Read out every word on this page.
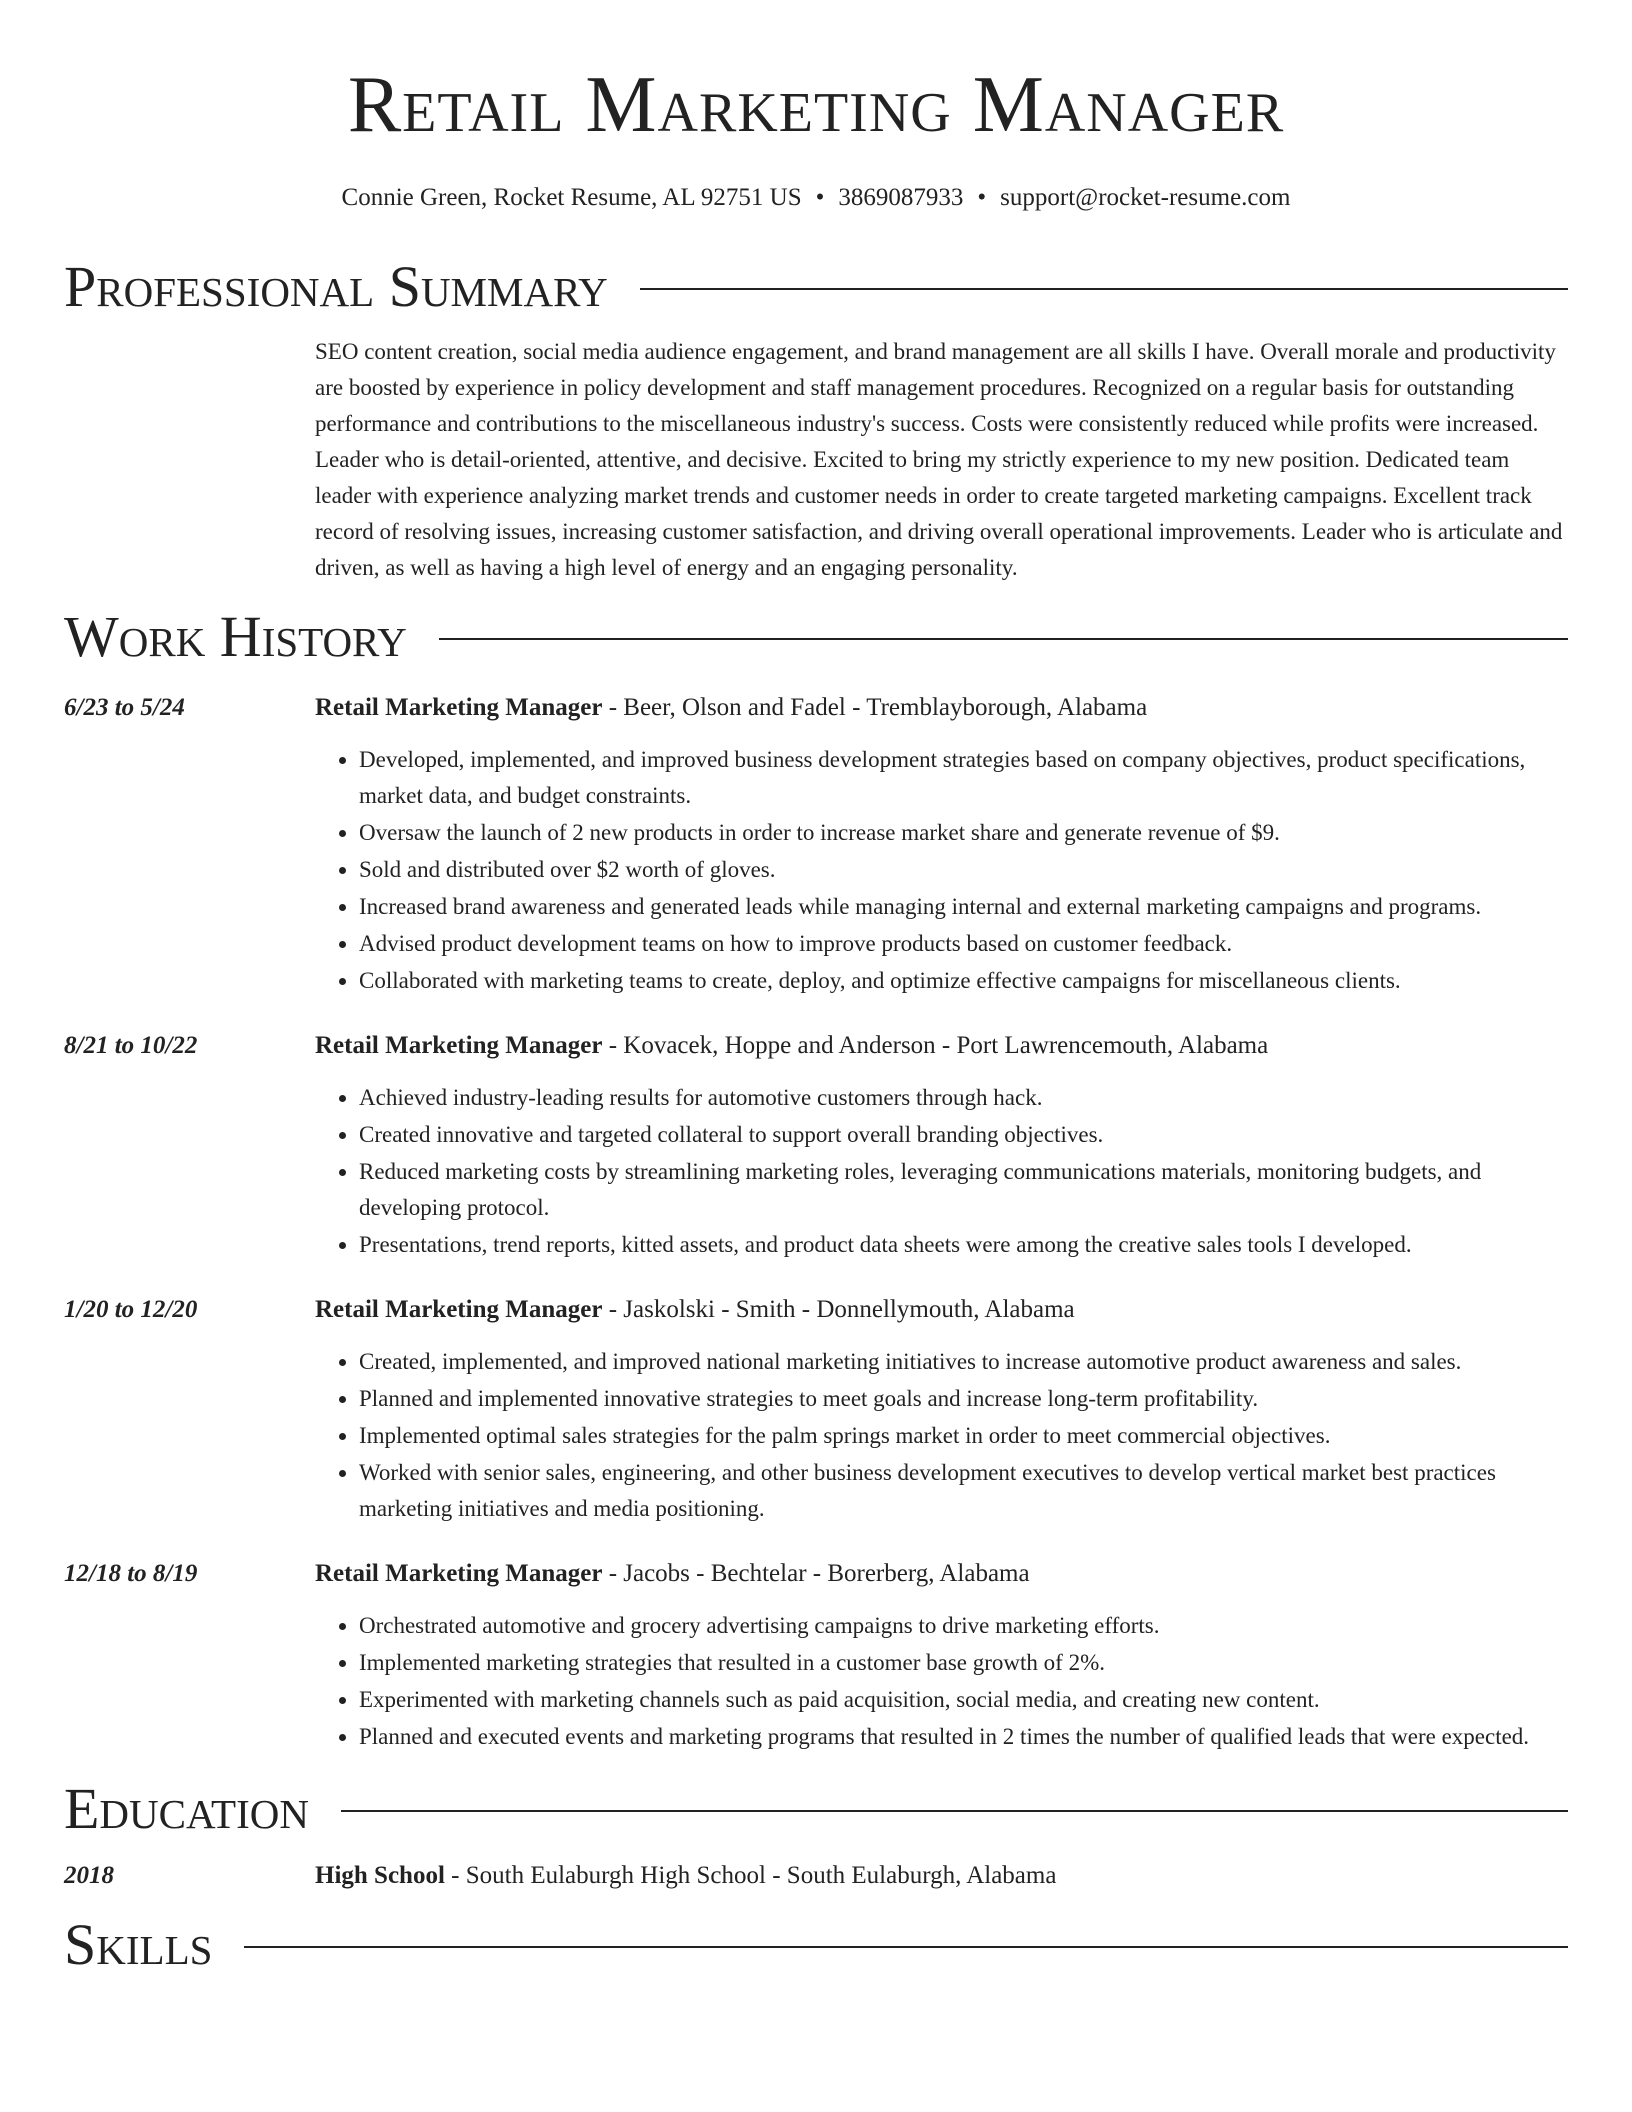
Retail Marketing Manager
Connie Green, Rocket Resume, AL 92751 US • 3869087933 • support@rocket-resume.com
Professional Summary
SEO content creation, social media audience engagement, and brand management are all skills I have. Overall morale and productivity are boosted by experience in policy development and staff management procedures. Recognized on a regular basis for outstanding performance and contributions to the miscellaneous industry's success. Costs were consistently reduced while profits were increased. Leader who is detail-oriented, attentive, and decisive. Excited to bring my strictly experience to my new position. Dedicated team leader with experience analyzing market trends and customer needs in order to create targeted marketing campaigns. Excellent track record of resolving issues, increasing customer satisfaction, and driving overall operational improvements. Leader who is articulate and driven, as well as having a high level of energy and an engaging personality.
Work History
6/23 to 5/24	Retail Marketing Manager - Beer, Olson and Fadel - Tremblayborough, Alabama
• Developed, implemented, and improved business development strategies based on company objectives, product specifications, market data, and budget constraints.
• Oversaw the launch of 2 new products in order to increase market share and generate revenue of $9.
• Sold and distributed over $2 worth of gloves.
• Increased brand awareness and generated leads while managing internal and external marketing campaigns and programs.
• Advised product development teams on how to improve products based on customer feedback.
• Collaborated with marketing teams to create, deploy, and optimize effective campaigns for miscellaneous clients.
8/21 to 10/22	Retail Marketing Manager - Kovacek, Hoppe and Anderson - Port Lawrencemouth, Alabama
• Achieved industry-leading results for automotive customers through hack.
• Created innovative and targeted collateral to support overall branding objectives.
• Reduced marketing costs by streamlining marketing roles, leveraging communications materials, monitoring budgets, and developing protocol.
• Presentations, trend reports, kitted assets, and product data sheets were among the creative sales tools I developed.
1/20 to 12/20	Retail Marketing Manager - Jaskolski - Smith - Donnellymouth, Alabama
• Created, implemented, and improved national marketing initiatives to increase automotive product awareness and sales.
• Planned and implemented innovative strategies to meet goals and increase long-term profitability.
• Implemented optimal sales strategies for the palm springs market in order to meet commercial objectives.
• Worked with senior sales, engineering, and other business development executives to develop vertical market best practices marketing initiatives and media positioning.
12/18 to 8/19	Retail Marketing Manager - Jacobs - Bechtelar - Borerberg, Alabama
• Orchestrated automotive and grocery advertising campaigns to drive marketing efforts.
• Implemented marketing strategies that resulted in a customer base growth of 2%.
• Experimented with marketing channels such as paid acquisition, social media, and creating new content.
• Planned and executed events and marketing programs that resulted in 2 times the number of qualified leads that were expected.
Education
2018	High School - South Eulaburgh High School - South Eulaburgh, Alabama
Skills
